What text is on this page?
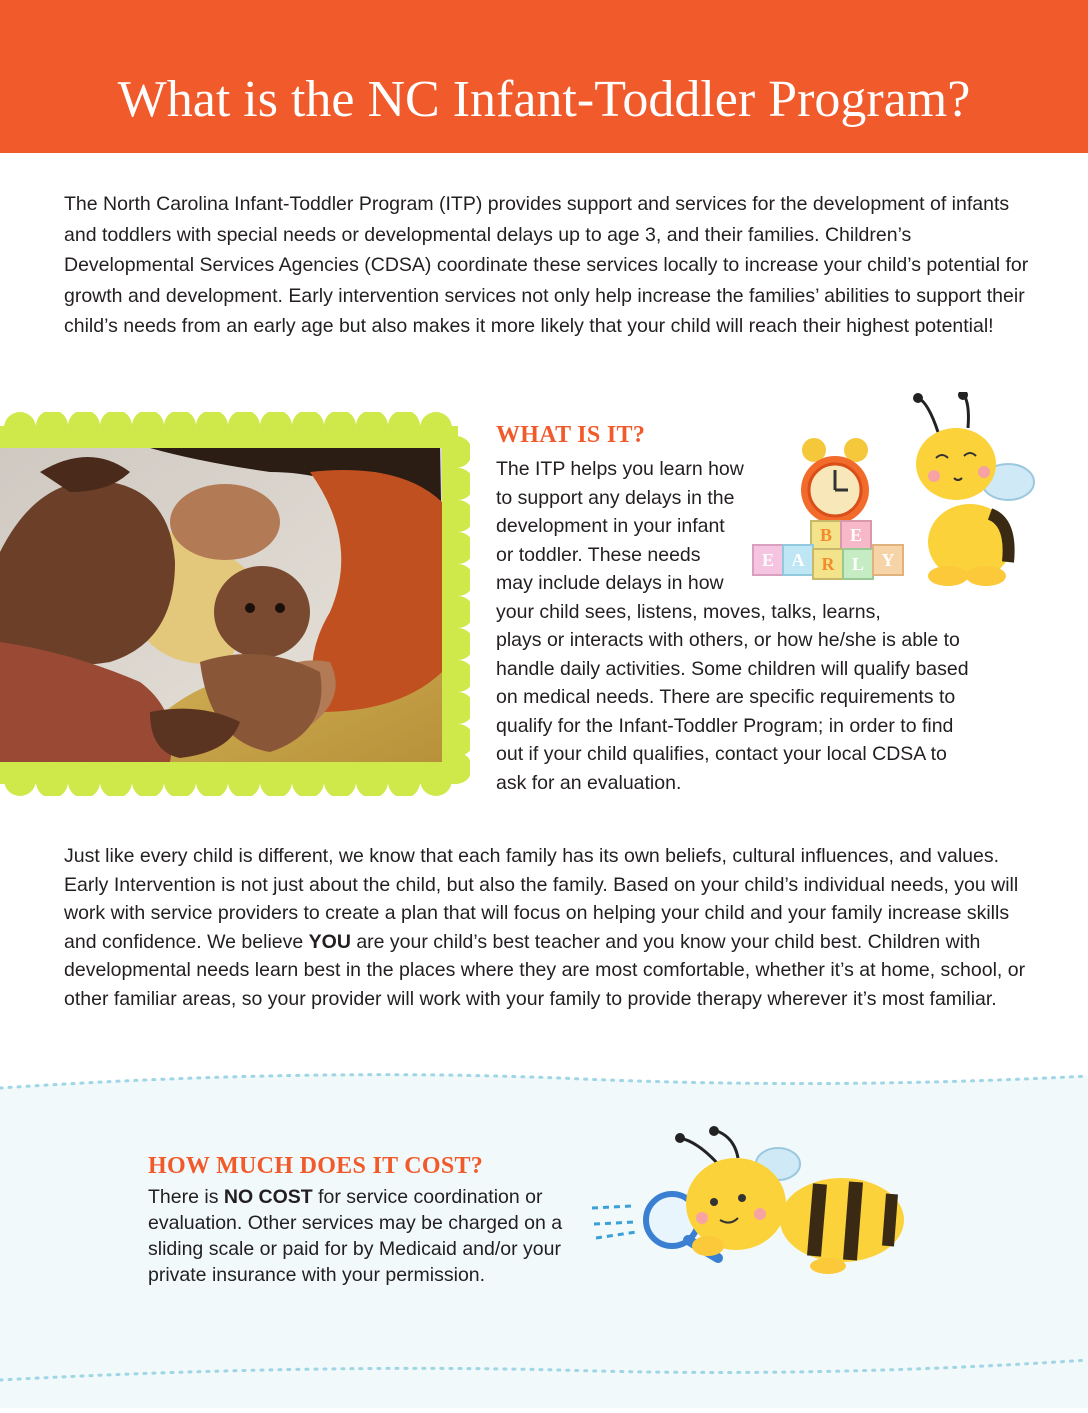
What is the NC Infant-Toddler Program?

The North Carolina Infant-Toddler Program (ITP) provides support and services for the development of infants and toddlers with special needs or developmental delays up to age 3, and their families. Children’s Developmental Services Agencies (CDSA) coordinate these services locally to increase your child’s potential for growth and development. Early intervention services not only help increase the families’ abilities to support their child’s needs from an early age but also makes it more likely that your child will reach their highest potential!

WHAT IS IT?
The ITP helps you learn how
to support any delays in the
development in your infant
or toddler. These needs
may include delays in how
your child sees, listens, moves, talks, learns,
plays or interacts with others, or how he/she is able to
handle daily activities. Some children will qualify based
on medical needs. There are specific requirements to
qualify for the Infant-Toddler Program; in order to find
out if your child qualifies, contact your local CDSA to
ask for an evaluation.
B E
E A R L Y

Just like every child is different, we know that each family has its own beliefs, cultural influences, and values. Early Intervention is not just about the child, but also the family. Based on your child’s individual needs, you will work with service providers to create a plan that will focus on helping your child and your family increase skills and confidence. We believe YOU are your child’s best teacher and you know your child best. Children with developmental needs learn best in the places where they are most comfortable, whether it’s at home, school, or other familiar areas, so your provider will work with your family to provide therapy wherever it’s most familiar.

HOW MUCH DOES IT COST?

There is NO COST for service coordination or evaluation. Other services may be charged on a sliding scale or paid for by Medicaid and/or your private insurance with your permission.
